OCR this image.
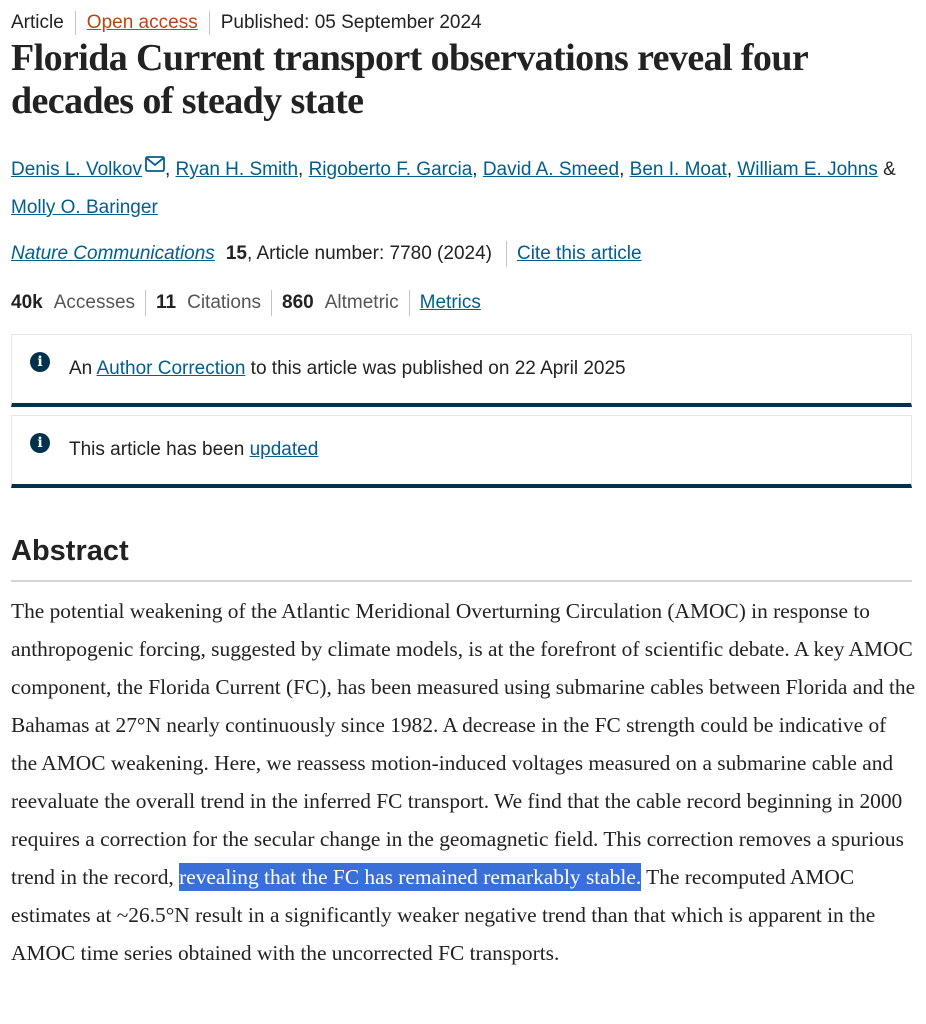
Article Open access Published: 05 September 2024
Florida Current transport observations reveal four decades of steady state
Denis L. Volkov , Ryan H. Smith, Rigoberto F. Garcia, David A. Smeed, Ben I. Moat, William E. Johns &
Molly O. Baringer
Nature Communications 15 , Article number: 7780 (2024) Cite this article
40k Accesses 11 Citations 860 Altmetric Metrics
i	An Author Correction to this article was published on 22 April 2025
i	This article has been updated
Abstract

The potential weakening of the Atlantic Meridional Overturning Circulation (AMOC) in response to anthropogenic forcing, suggested by climate models, is at the forefront of scientific debate. A key AMOC component, the Florida Current (FC), has been measured using submarine cables between Florida and the Bahamas at 27°N nearly continuously since 1982. A decrease in the FC strength could be indicative of the AMOC weakening. Here, we reassess motion-induced voltages measured on a submarine cable and reevaluate the overall trend in the inferred FC transport. We find that the cable record beginning in 2000 requires a correction for the secular change in the geomagnetic field. This correction removes a spurious trend in the record, revealing that the FC has remained remarkably stable. The recomputed AMOC estimates at ~26.5°N result in a significantly weaker negative trend than that which is apparent in the AMOC time series obtained with the uncorrected FC transports.
